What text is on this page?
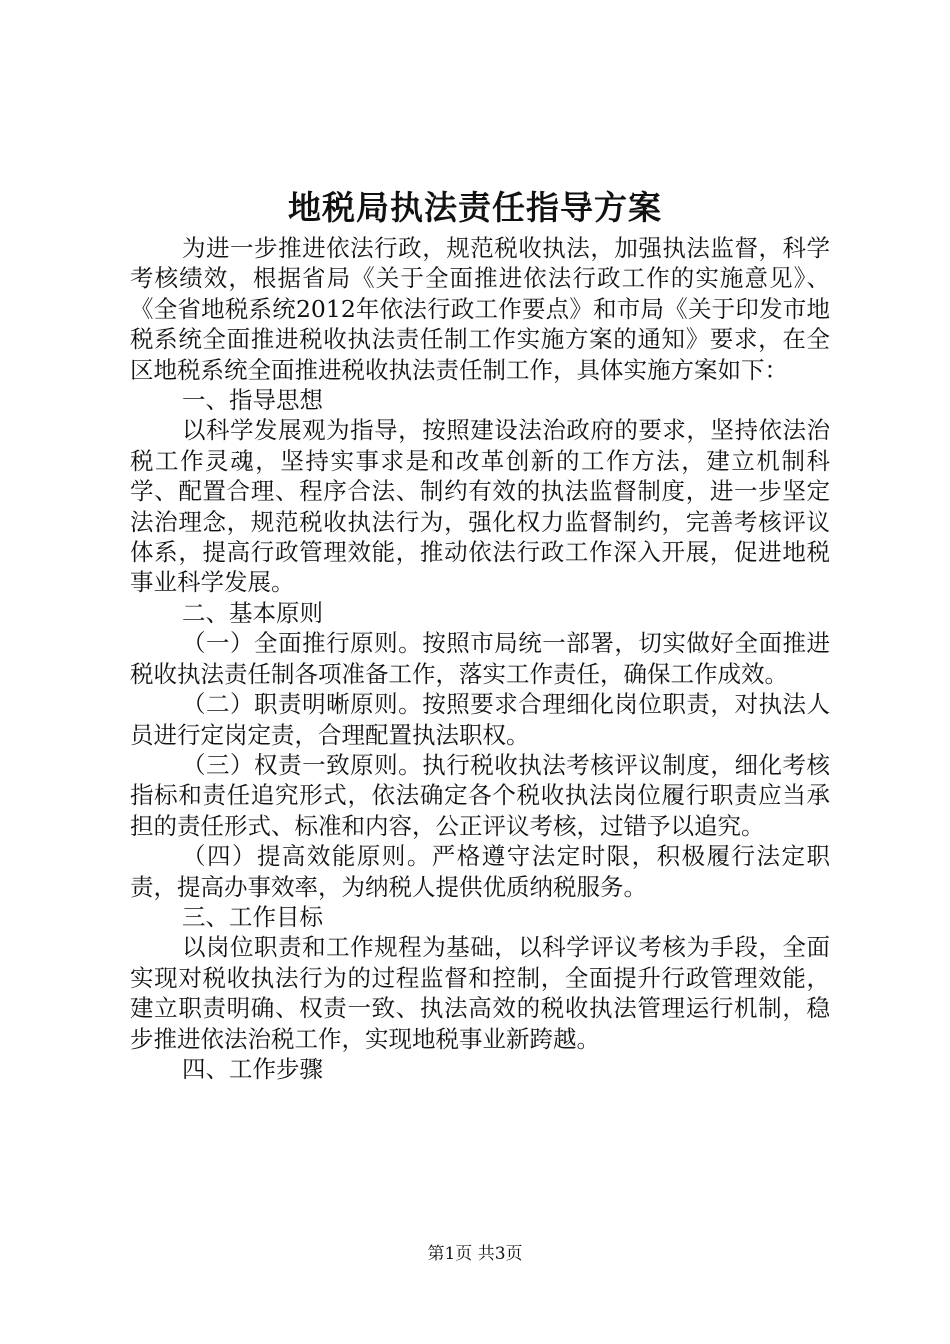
地税局执法责任指导方案

为进一步推进依法行政，规范税收执法，加强执法监督，科学考核绩效，根据省局《关于全面推进依法行政工作的实施意见》、《全省地税系统2012年依法行政工作要点》和市局《关于印发市地税系统全面推进税收执法责任制工作实施方案的通知》要求，在全区地税系统全面推进税收执法责任制工作，具体实施方案如下：

一、指导思想

以科学发展观为指导，按照建设法治政府的要求，坚持依法治税工作灵魂，坚持实事求是和改革创新的工作方法，建立机制科学、配置合理、程序合法、制约有效的执法监督制度，进一步坚定法治理念，规范税收执法行为，强化权力监督制约，完善考核评议体系，提高行政管理效能，推动依法行政工作深入开展，促进地税事业科学发展。

二、基本原则

（一）全面推行原则。按照市局统一部署，切实做好全面推进税收执法责任制各项准备工作，落实工作责任，确保工作成效。

（二）职责明晰原则。按照要求合理细化岗位职责，对执法人员进行定岗定责，合理配置执法职权。

（三）权责一致原则。执行税收执法考核评议制度，细化考核指标和责任追究形式，依法确定各个税收执法岗位履行职责应当承担的责任形式、标准和内容，公正评议考核，过错予以追究。

（四）提高效能原则。严格遵守法定时限，积极履行法定职责，提高办事效率，为纳税人提供优质纳税服务。

三、工作目标

以岗位职责和工作规程为基础，以科学评议考核为手段，全面实现对税收执法行为的过程监督和控制，全面提升行政管理效能，建立职责明确、权责一致、执法高效的税收执法管理运行机制，稳步推进依法治税工作，实现地税事业新跨越。

四、工作步骤

第1页 共3页
